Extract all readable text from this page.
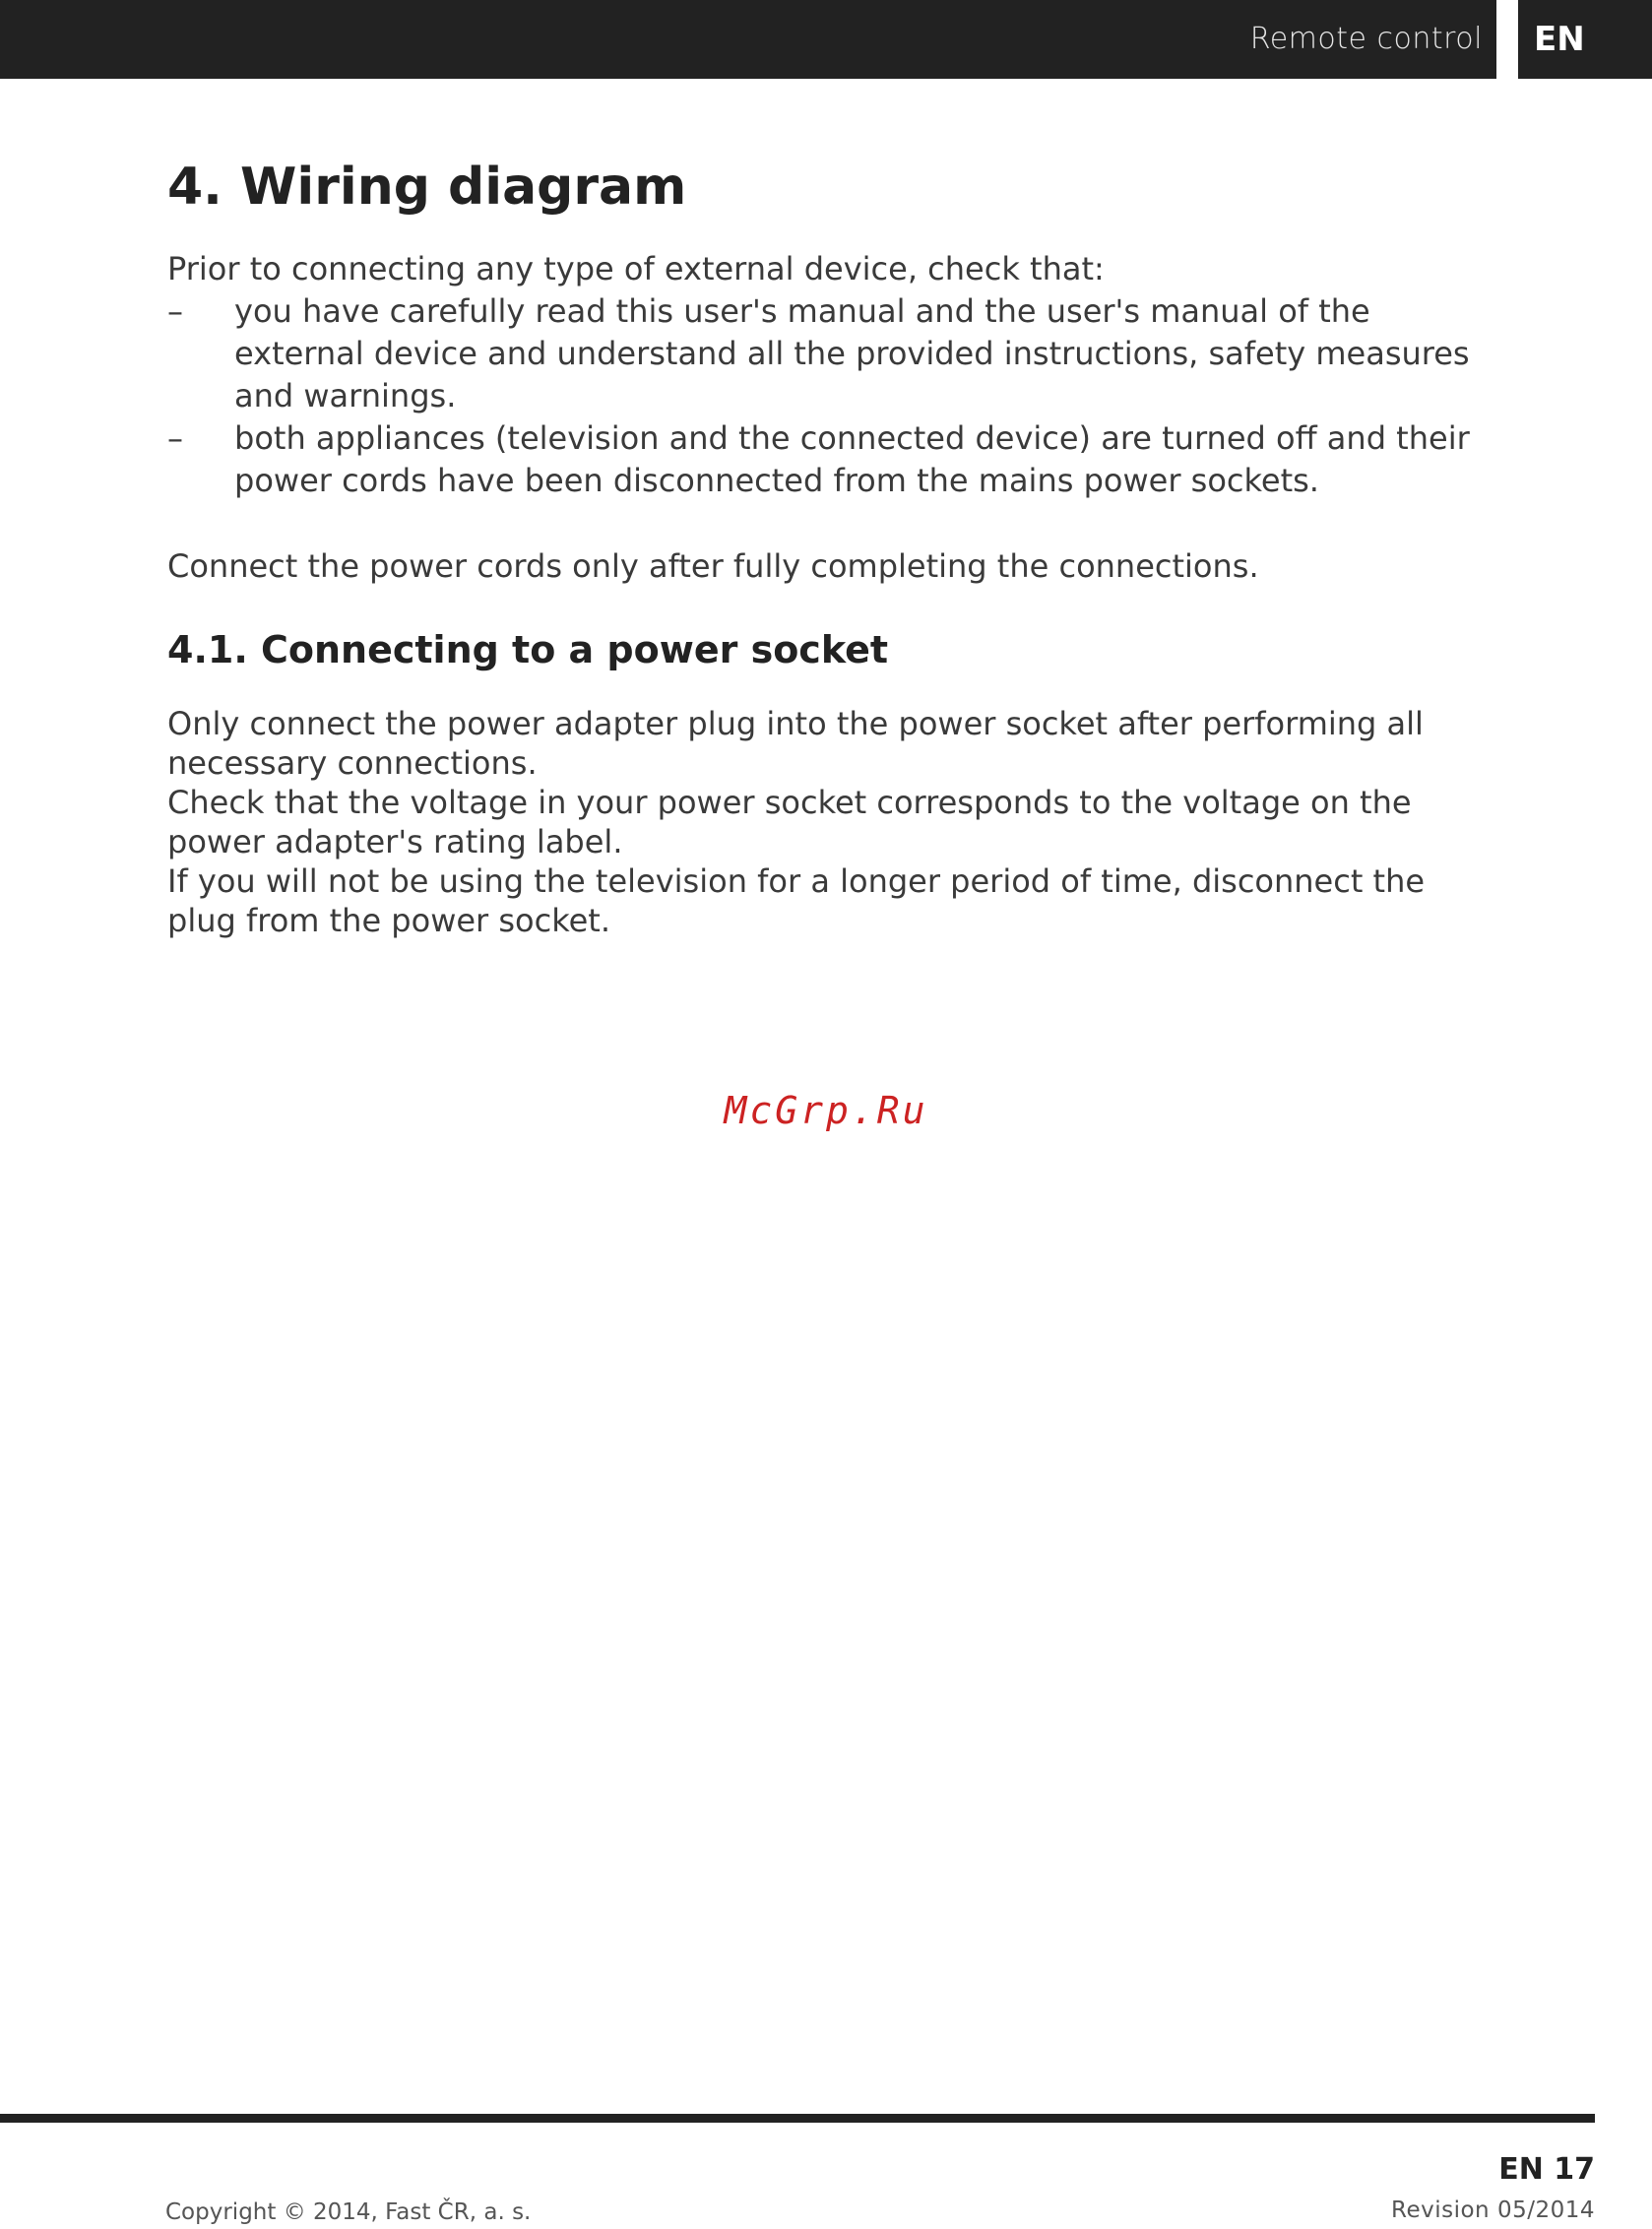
Remote control EN
4. Wiring diagram
Prior to connecting any type of external device, check that:
– you have carefully read this user's manual and the user's manual of the external device and understand all the provided instructions, safety measures and warnings.
– both appliances (television and the connected device) are turned off and their power cords have been disconnected from the mains power sockets.
Connect the power cords only after fully completing the connections.
4.1. Connecting to a power socket

Only connect the power adapter plug into the power socket after performing all necessary connections.

Check that the voltage in your power socket corresponds to the voltage on the power adapter's rating label.

If you will not be using the television for a longer period of time, disconnect the plug from the power socket.

McGrp.Ru
EN 17
Copyright © 2014, Fast ČR, a. s.	Revision 05/2014
